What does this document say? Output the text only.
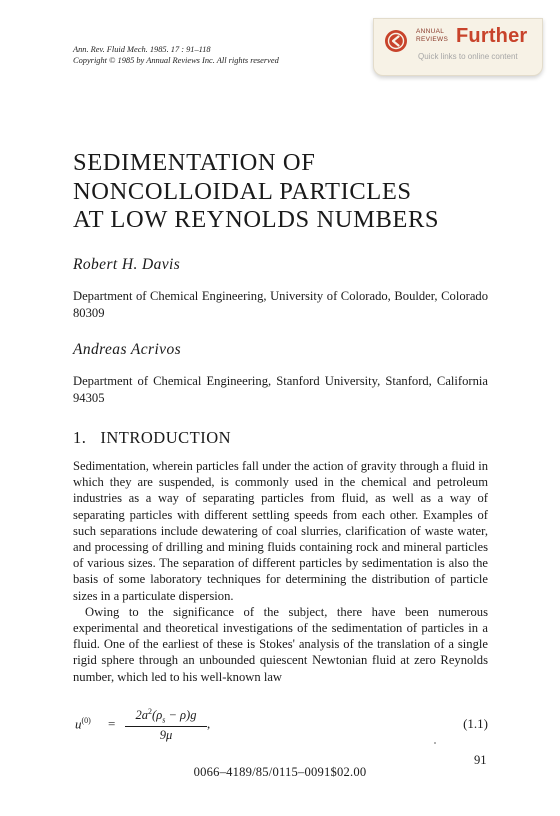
Ann. Rev. Fluid Mech. 1985. 17 : 91–118
Copyright © 1985 by Annual Reviews Inc. All rights reserved
ANNUAL
REVIEWS Further
Quick links to online content
SEDIMENTATION OF
NONCOLLOIDAL PARTICLES
AT LOW REYNOLDS NUMBERS
Robert H. Davis
Department of Chemical Engineering, University of Colorado, Boulder, Colorado 80309
Andreas Acrivos
Department of Chemical Engineering, Stanford University, Stanford, California 94305
1. INTRODUCTION

Sedimentation, wherein particles fall under the action of gravity through a fluid in which they are suspended, is commonly used in the chemical and petroleum industries as a way of separating particles from fluid, as well as a way of separating particles with different settling speeds from each other. Examples of such separations include dewatering of coal slurries, clarification of waste water, and processing of drilling and mining fluids containing rock and mineral particles of various sizes. The separation of different particles by sedimentation is also the basis of some laboratory techniques for determining the distribution of particle sizes in a particulate dispersion.

Owing to the significance of the subject, there have been numerous experimental and theoretical investigations of the sedimentation of particles in a fluid. One of the earliest of these is Stokes' analysis of the translation of a single rigid sphere through an unbounded quiescent Newtonian fluid at zero Reynolds number, which led to his well-known law

$u^{(0)}$ =
$2a^2(\rho_s - \rho)g$
9μ
,	(1.1)
91
0066–4189/85/0115–0091$02.00
